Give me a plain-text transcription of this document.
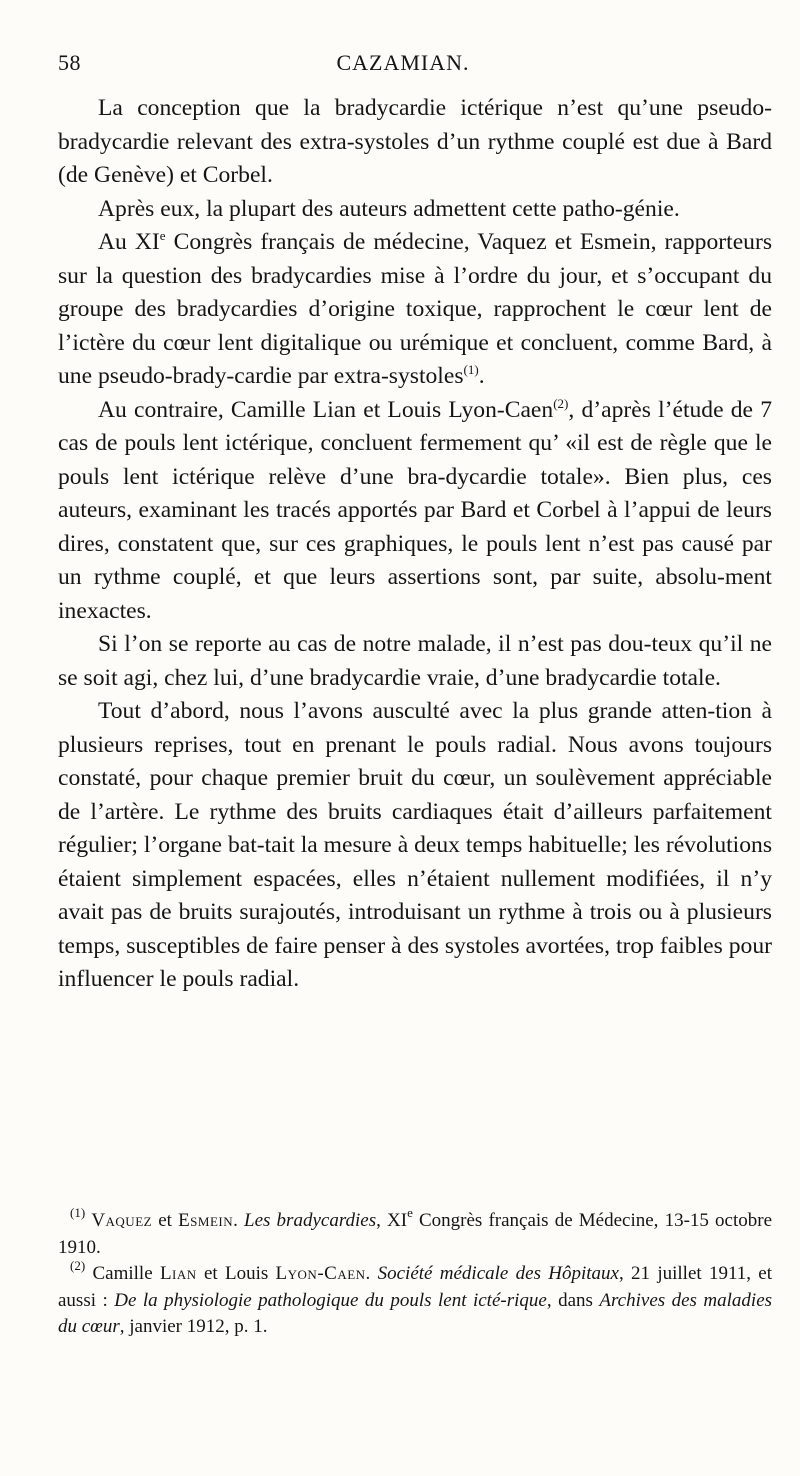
58	CAZAMIAN.

La conception que la bradycardie ictérique n’est qu’une pseudo-bradycardie relevant des extra-systoles d’un rythme couplé est due à Bard (de Genève) et Corbel.

Après eux, la plupart des auteurs admettent cette patho-génie.

Au XIe Congrès français de médecine, Vaquez et Esmein, rapporteurs sur la question des bradycardies mise à l’ordre du jour, et s’occupant du groupe des bradycardies d’origine toxique, rapprochent le cœur lent de l’ictère du cœur lent digitalique ou urémique et concluent, comme Bard, à une pseudo-brady-cardie par extra-systoles$^{(1)}$.

Au contraire, Camille Lian et Louis Lyon-Caen$^{(2)}$, d’après l’étude de 7 cas de pouls lent ictérique, concluent fermement qu’ «il est de règle que le pouls lent ictérique relève d’une bra-dycardie totale». Bien plus, ces auteurs, examinant les tracés apportés par Bard et Corbel à l’appui de leurs dires, constatent que, sur ces graphiques, le pouls lent n’est pas causé par un rythme couplé, et que leurs assertions sont, par suite, absolu-ment inexactes.

Si l’on se reporte au cas de notre malade, il n’est pas dou-teux qu’il ne se soit agi, chez lui, d’une bradycardie vraie, d’une bradycardie totale.

Tout d’abord, nous l’avons ausculté avec la plus grande atten-tion à plusieurs reprises, tout en prenant le pouls radial. Nous avons toujours constaté, pour chaque premier bruit du cœur, un soulèvement appréciable de l’artère. Le rythme des bruits cardiaques était d’ailleurs parfaitement régulier; l’organe bat-tait la mesure à deux temps habituelle; les révolutions étaient simplement espacées, elles n’étaient nullement modifiées, il n’y avait pas de bruits surajoutés, introduisant un rythme à trois ou à plusieurs temps, susceptibles de faire penser à des systoles avortées, trop faibles pour influencer le pouls radial.

$^{(1)}$ Vaquez et Esmein. Les bradycardies, XIe Congrès français de Médecine, 13-15 octobre 1910.

$^{(2)}$ Camille Lian et Louis Lyon-Caen. Société médicale des Hôpitaux, 21 juillet 1911, et aussi : De la physiologie pathologique du pouls lent icté-rique, dans Archives des maladies du cœur, janvier 1912, p. 1.
